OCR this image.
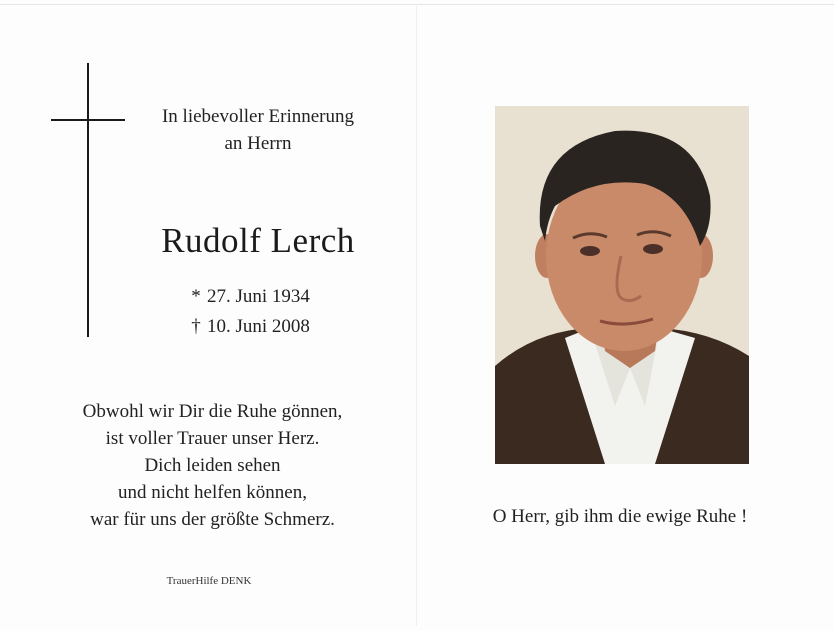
In liebevoller Erinnerung
an Herrn
Rudolf Lerch
* 27. Juni 1934
† 10. Juni 2008
Obwohl wir Dir die Ruhe gönnen,
ist voller Trauer unser Herz.
Dich leiden sehen
und nicht helfen können,
war für uns der größte Schmerz.
TrauerHilfe DENK
O Herr, gib ihm die ewige Ruhe !
